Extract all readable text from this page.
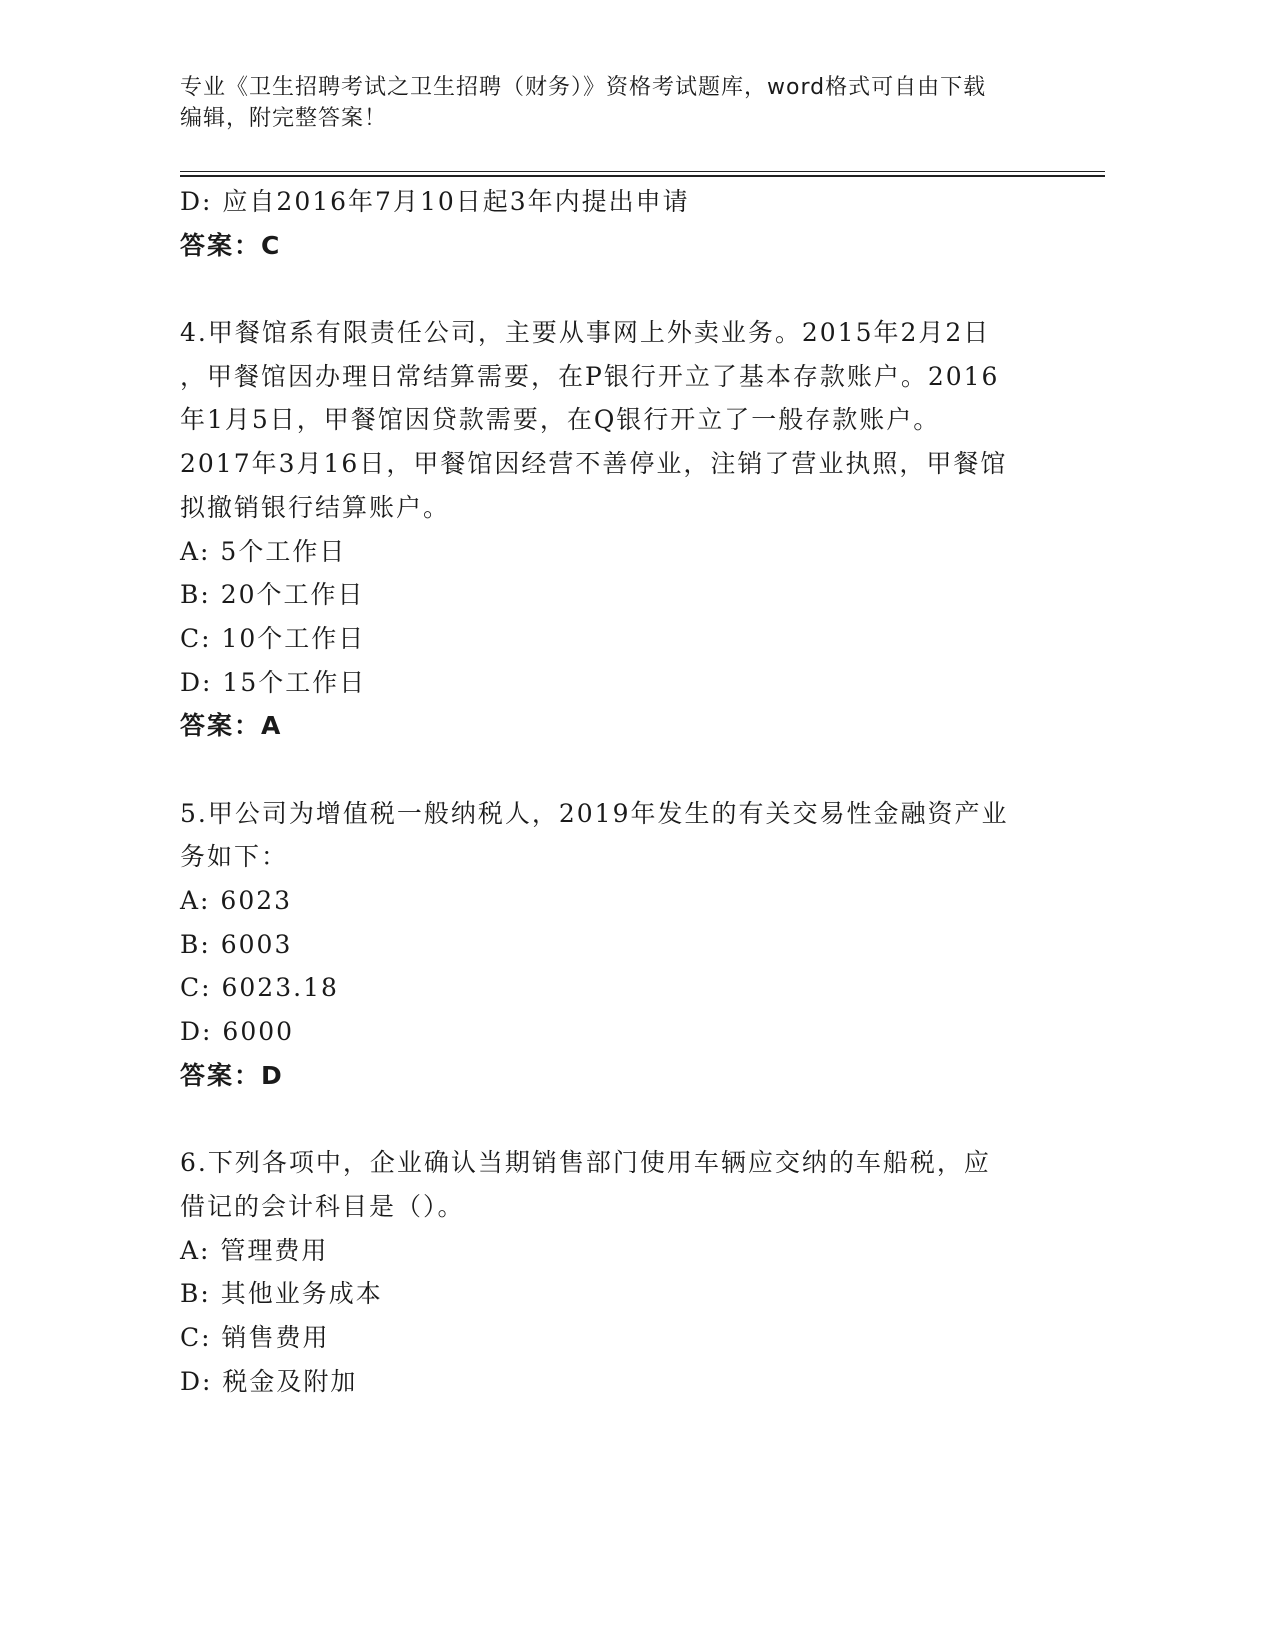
专业《卫生招聘考试之卫生招聘（财务）》资格考试题库，word格式可自由下载
编辑，附完整答案！
D: 应自2016年7月10日起3年内提出申请
答案：C
4.甲餐馆系有限责任公司，主要从事网上外卖业务。2015年2月2日
，甲餐馆因办理日常结算需要，在P银行开立了基本存款账户。2016
年1月5日，甲餐馆因贷款需要，在Q银行开立了一般存款账户。
2017年3月16日，甲餐馆因经营不善停业，注销了营业执照，甲餐馆
拟撤销银行结算账户。
A: 5个工作日
B: 20个工作日
C: 10个工作日
D: 15个工作日
答案：A
5.甲公司为增值税一般纳税人，2019年发生的有关交易性金融资产业
务如下：
A: 6023
B: 6003
C: 6023.18
D: 6000
答案：D
6.下列各项中，企业确认当期销售部门使用车辆应交纳的车船税，应
借记的会计科目是（）。
A: 管理费用
B: 其他业务成本
C: 销售费用
D: 税金及附加
